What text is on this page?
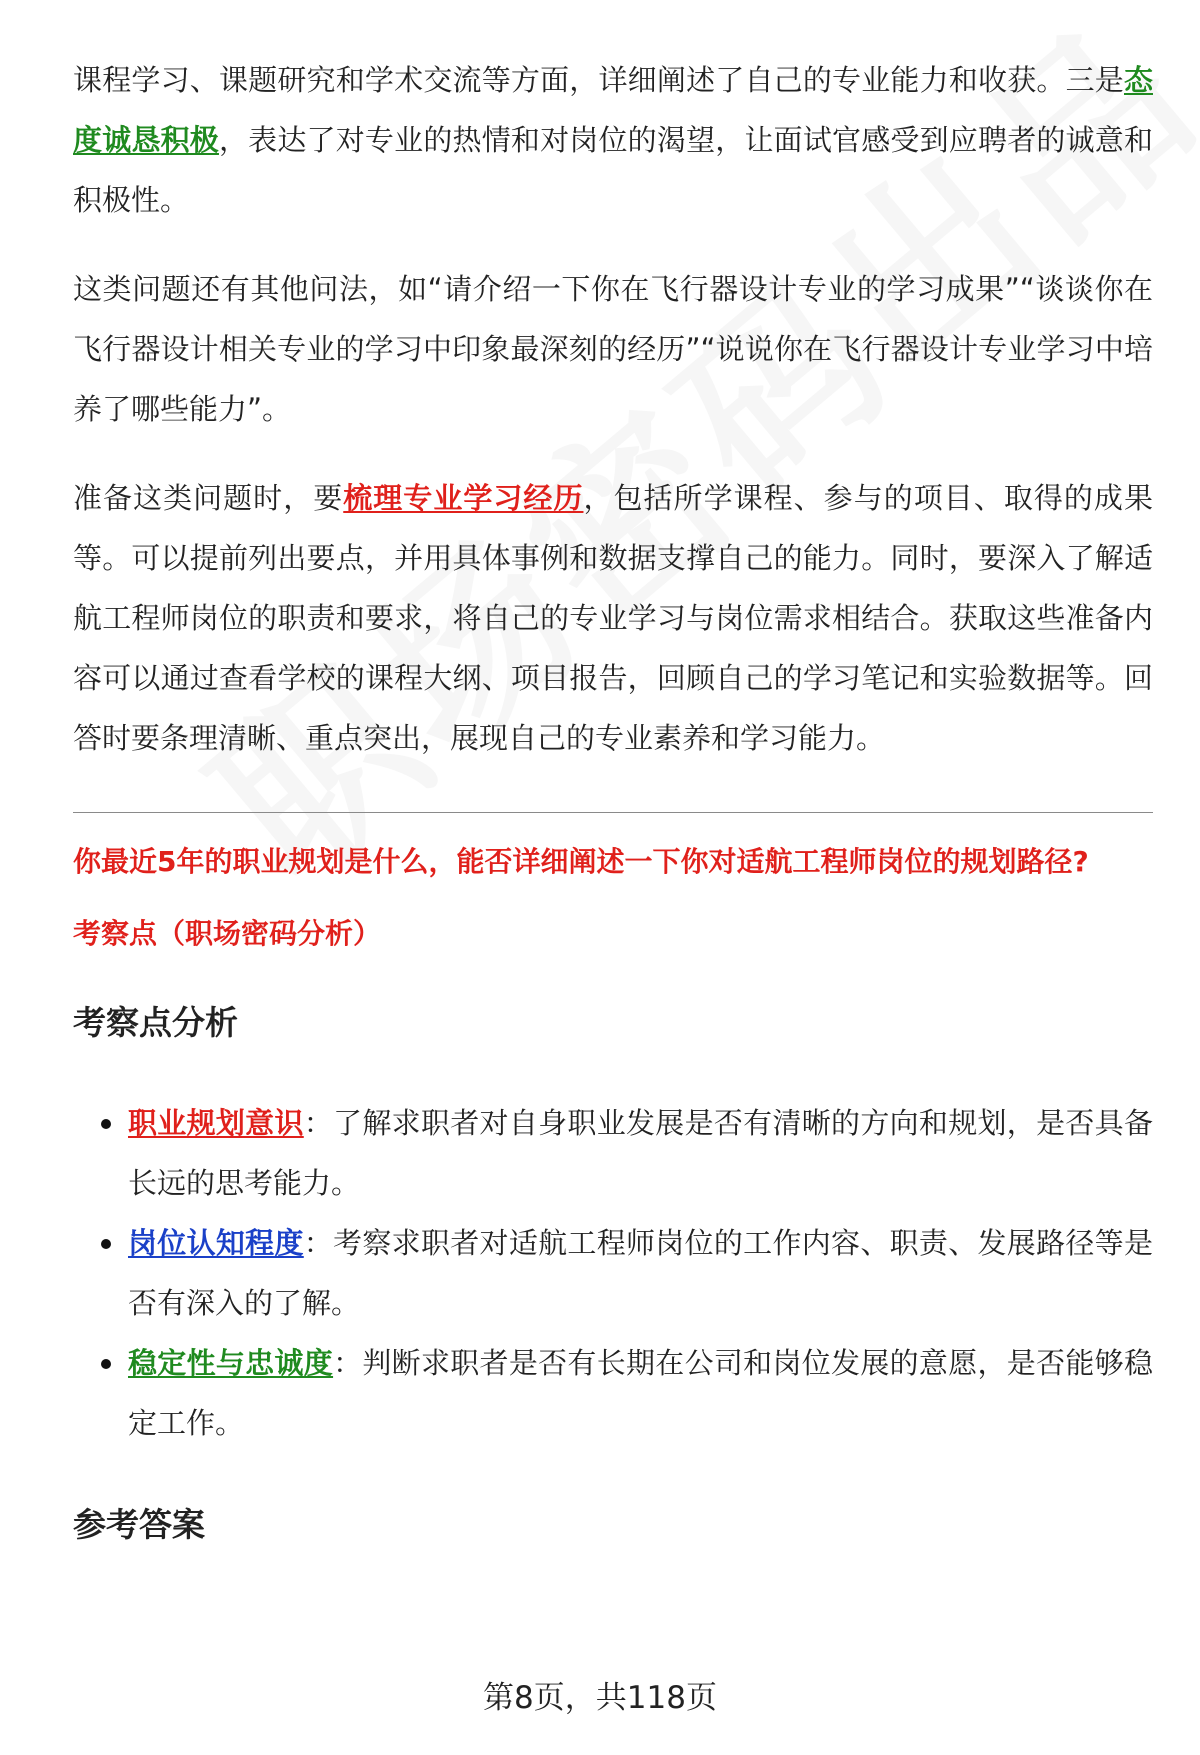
课程学习、课题研究和学术交流等方面，详细阐述了自己的专业能力和收获。三是态度诚恳积极，表达了对专业的热情和对岗位的渴望，让面试官感受到应聘者的诚意和积极性。

这类问题还有其他问法，如“请介绍一下你在飞行器设计专业的学习成果”“谈谈你在飞行器设计相关专业的学习中印象最深刻的经历”“说说你在飞行器设计专业学习中培养了哪些能力”。

准备这类问题时，要梳理专业学习经历，包括所学课程、参与的项目、取得的成果等。可以提前列出要点，并用具体事例和数据支撑自己的能力。同时，要深入了解适航工程师岗位的职责和要求，将自己的专业学习与岗位需求相结合。获取这些准备内容可以通过查看学校的课程大纲、项目报告，回顾自己的学习笔记和实验数据等。回答时要条理清晰、重点突出，展现自己的专业素养和学习能力。

你最近5年的职业规划是什么，能否详细阐述一下你对适航工程师岗位的规划路径?

考察点（职场密码分析）

考察点分析
职业规划意识：了解求职者对自身职业发展是否有清晰的方向和规划，是否具备长远的思考能力。
岗位认知程度：考察求职者对适航工程师岗位的工作内容、职责、发展路径等是否有深入的了解。
稳定性与忠诚度：判断求职者是否有长期在公司和岗位发展的意愿，是否能够稳定工作。
参考答案
第8页，共118页
